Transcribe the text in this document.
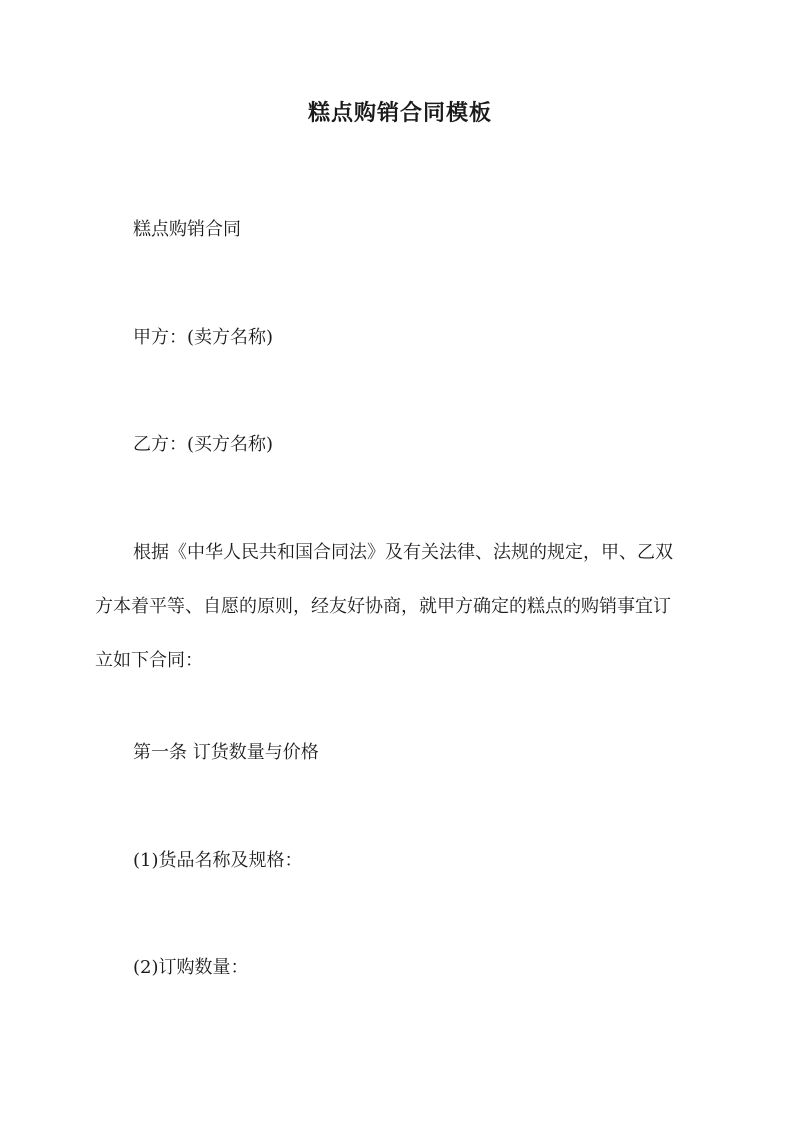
糕点购销合同模板

糕点购销合同

甲方：(卖方名称)

乙方：(买方名称)

根据《中华人民共和国合同法》及有关法律、法规的规定，甲、乙双
方本着平等、自愿的原则，经友好协商，就甲方确定的糕点的购销事宜订
立如下合同：

第一条 订货数量与价格

(1)货品名称及规格：

(2)订购数量：
